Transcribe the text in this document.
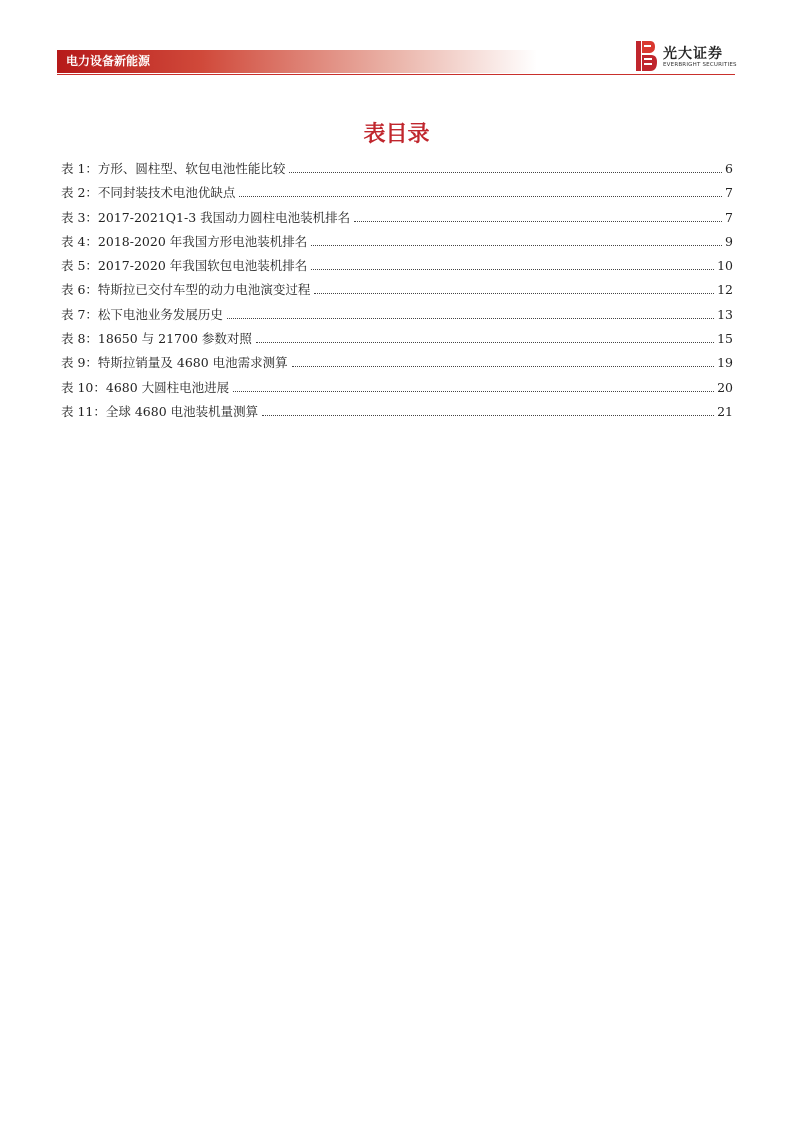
电力设备新能源	光大证券
EVERBRIGHT SECURITIES
表目录
表 1：方形、圆柱型、软包电池性能比较	6
表 2：不同封装技术电池优缺点	7
表 3：2017-2021Q1-3 我国动力圆柱电池装机排名	7
表 4：2018-2020 年我国方形电池装机排名	9
表 5：2017-2020 年我国软包电池装机排名	10
表 6：特斯拉已交付车型的动力电池演变过程	12
表 7：松下电池业务发展历史	13
表 8：18650 与 21700 参数对照	15
表 9：特斯拉销量及 4680 电池需求测算	19
表 10：4680 大圆柱电池进展	20
表 11：全球 4680 电池装机量测算	21
